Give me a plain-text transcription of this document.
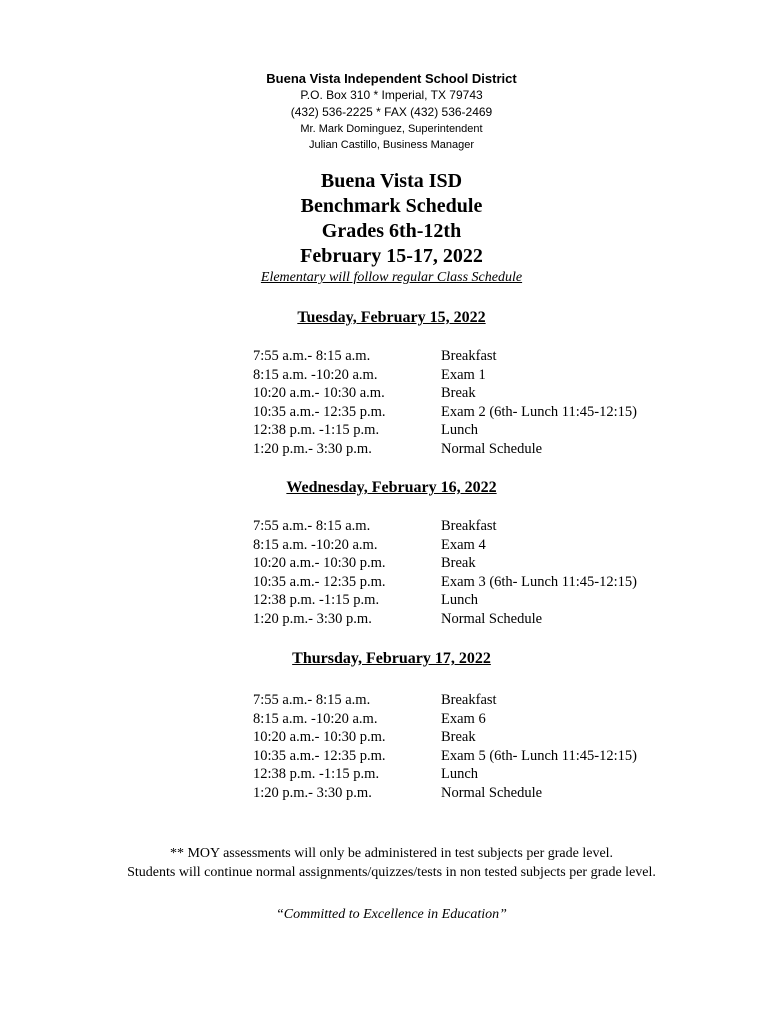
Buena Vista Independent School District
P.O. Box 310 * Imperial, TX 79743
(432) 536-2225 * FAX (432) 536-2469
Mr. Mark Dominguez, Superintendent
Julian Castillo, Business Manager
Buena Vista ISD
Benchmark Schedule
Grades 6th-12th
February 15-17, 2022
Elementary will follow regular Class Schedule
Tuesday, February 15, 2022
7:55 a.m.- 8:15 a.m.	Breakfast
8:15 a.m. -10:20 a.m.	Exam 1
10:20 a.m.- 10:30 a.m.	Break
10:35 a.m.- 12:35 p.m.	Exam 2 (6th- Lunch 11:45-12:15)
12:38 p.m. -1:15 p.m.	Lunch
1:20 p.m.- 3:30 p.m.	Normal Schedule
Wednesday, February 16, 2022
7:55 a.m.- 8:15 a.m.	Breakfast
8:15 a.m. -10:20 a.m.	Exam 4
10:20 a.m.- 10:30 p.m.	Break
10:35 a.m.- 12:35 p.m.	Exam 3 (6th- Lunch 11:45-12:15)
12:38 p.m. -1:15 p.m.	Lunch
1:20 p.m.- 3:30 p.m.	Normal Schedule
Thursday, February 17, 2022
7:55 a.m.- 8:15 a.m.	Breakfast
8:15 a.m. -10:20 a.m.	Exam 6
10:20 a.m.- 10:30 p.m.	Break
10:35 a.m.- 12:35 p.m.	Exam 5 (6th- Lunch 11:45-12:15)
12:38 p.m. -1:15 p.m.	Lunch
1:20 p.m.- 3:30 p.m.	Normal Schedule
** MOY assessments will only be administered in test subjects per grade level.
Students will continue normal assignments/quizzes/tests in non tested subjects per grade level.
“Committed to Excellence in Education”
